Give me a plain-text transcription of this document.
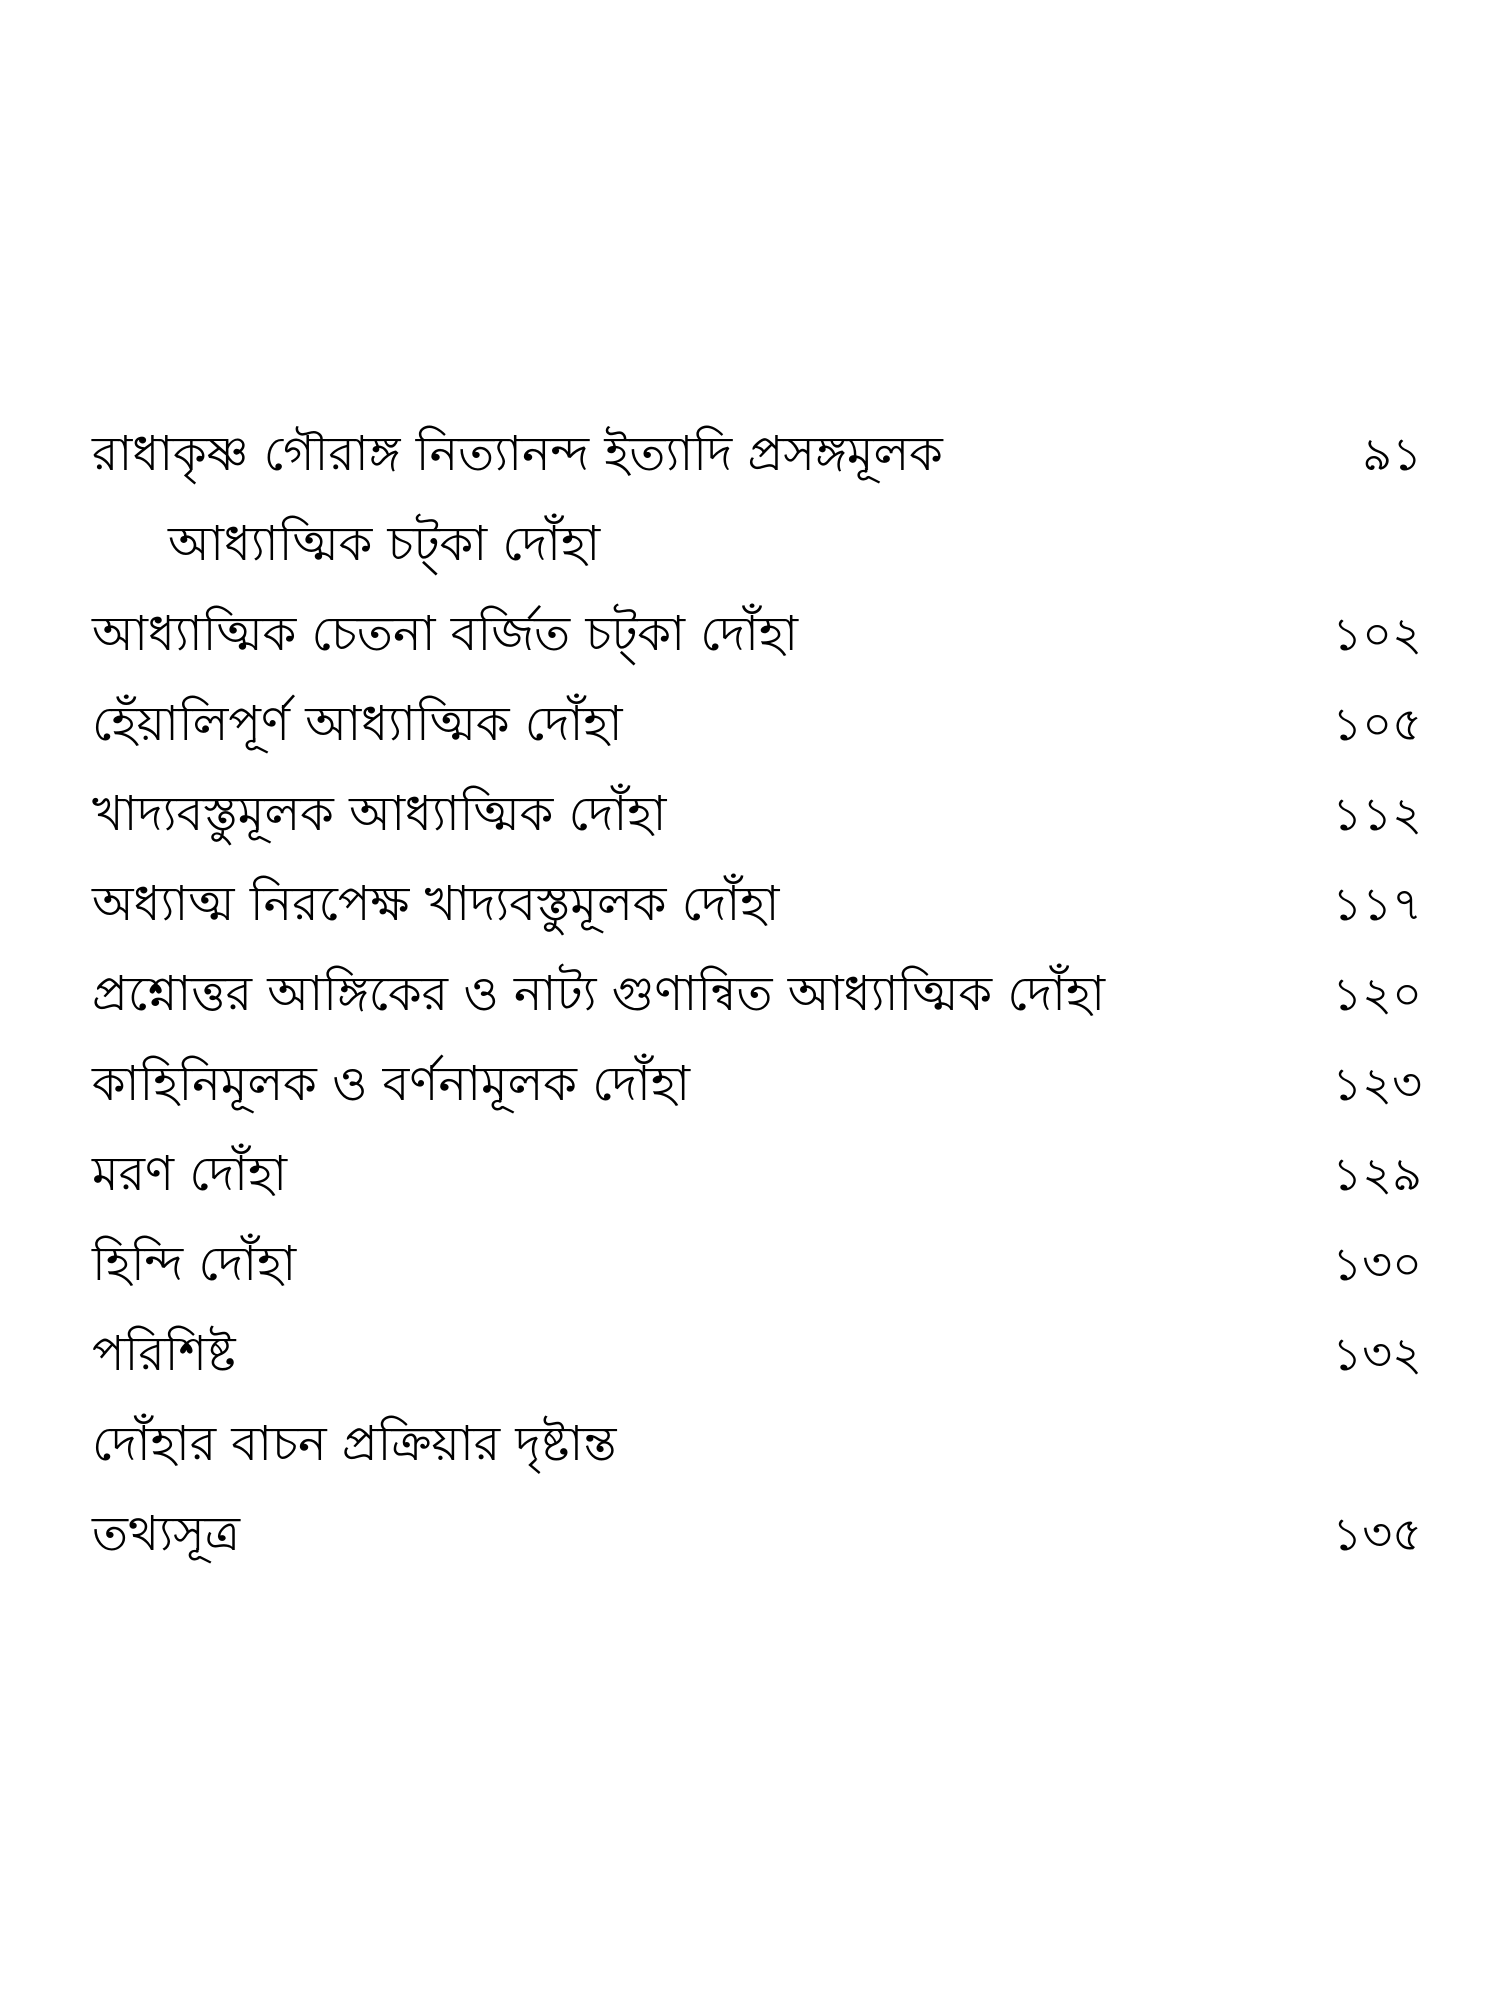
রাধাকৃষ্ণ গৌরাঙ্গ নিত্যানন্দ ইত্যাদি প্রসঙ্গমূলক	৯১
আধ্যাত্মিক চট্‌কা দোঁহা
আধ্যাত্মিক চেতনা বর্জিত চট্‌কা দোঁহা	১০২
হেঁয়ালিপূর্ণ আধ্যাত্মিক দোঁহা	১০৫
খাদ্যবস্তুমূলক আধ্যাত্মিক দোঁহা	১১২
অধ্যাত্ম নিরপেক্ষ খাদ্যবস্তুমূলক দোঁহা	১১৭
প্রশ্নোত্তর আঙ্গিকের ও নাট্য গুণান্বিত আধ্যাত্মিক দোঁহা	১২০
কাহিনিমূলক ও বর্ণনামূলক দোঁহা	১২৩
মরণ দোঁহা	১২৯
হিন্দি দোঁহা	১৩০
পরিশিষ্ট	১৩২
দোঁহার বাচন প্রক্রিয়ার দৃষ্টান্ত
তথ্যসূত্র	১৩৫
